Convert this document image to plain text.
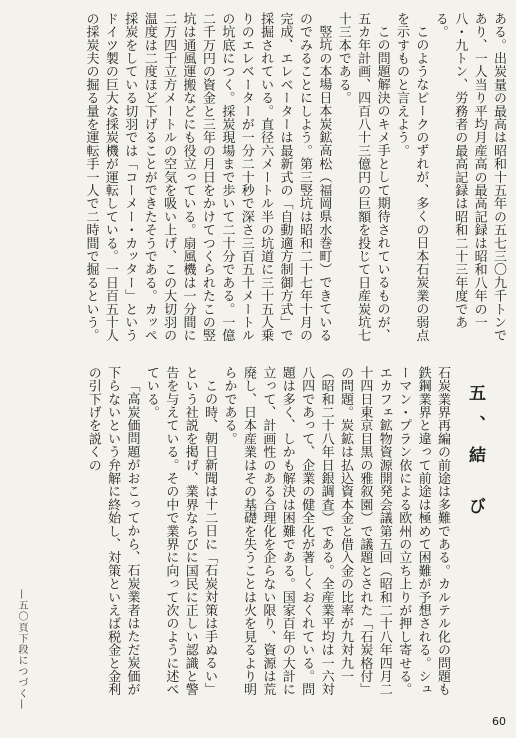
ある。出炭量の最高は昭和十五年の五七三〇九千トンであり、一人当り平均月産高の最高記録は昭和八年の一八・九トン、労務者の最高記録は昭和二十三年度である。

このようなピークのずれが、多くの日本石炭業の弱点を示すものと言えよう。

この問題解決のキメ手として期待されているものが、五カ年計画、四百八十三億円の巨額を投じて日産炭坑七十三本である。

竪坑の本場日本炭鉱高松（福岡県水巻町）できているのでみることにしよう。第三竪坑は昭和二十七年十月の完成、エレベーターは最新式の「自動適方制御方式」で採掘されている。直径六メートル半の坑道に三十五人乗りのエレベーターが一分二十秒で深さ三百五十メートルの坑底につく。採炭現場まで歩いて二十分である。一億二千万円の資金と三年の月日をかけてつくられたこの竪坑は通風運搬などにも役立っている。扇風機は一分間に二万四千立方メートルの空気を吸い上げ、この大切羽の温度は二度ほど下げることができたそうである。カッペ採炭をしている切羽では「コーメー・カッター」というドイツ製の巨大な採炭機が運転している。一日百五十人の採炭夫の掘る量を運転手一人で二時間で掘るという。

五、結 び

石炭業界再編の前途は多難である。カルテル化の問題も鉄鋼業界と違って前途は極めて困難が予想される。シューマン・プラン依による欧州の立ち上りが押し寄せる。エカフェ鉱物資源開発会議第五回（昭和二十八年四月二十四日東京目黒の雅叙園）で議題とされた「石炭格付」の問題。炭鉱は払込資本金と借入金の比率が九対九一（昭和二十八年日銀調査）である。全産業平均は一六対八四であって、企業の健全化が著しくおくれている。問題は多く、しかも解決は困難である。国家百年の大計に立って、計画性のある合理化を企らない限り、資源は荒廃し、日本産業はその基礎を失うことは火を見るより明らかである。

この時、朝日新聞は十二日に「石炭対策は手ぬるい」という社説を掲げ、業界ならびに国民に正しい認識と警告を与えている。その中で業界に向って次のように述べている。

「高炭価問題がおこってから、石炭業者はただ炭価が下らないという弁解に終始し、対策といえば税金と金利の引下げを説くの

—五〇頁下段につづく—
60
